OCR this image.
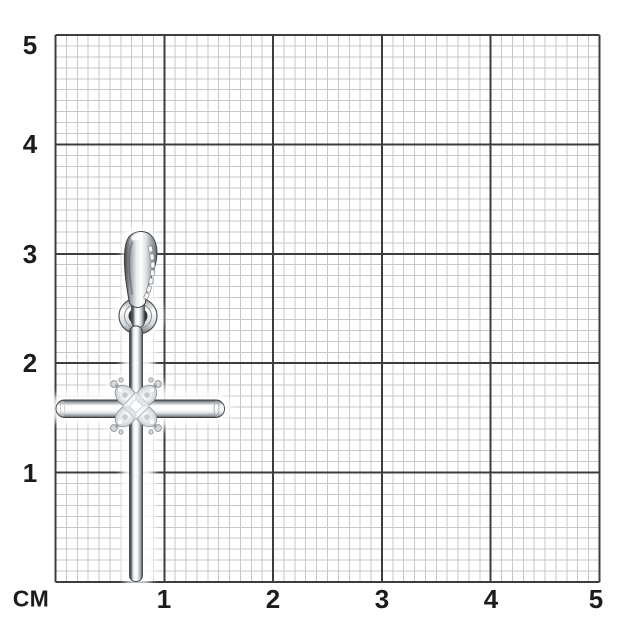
5
4
3
2
1
СМ	1	2	3	4	5
